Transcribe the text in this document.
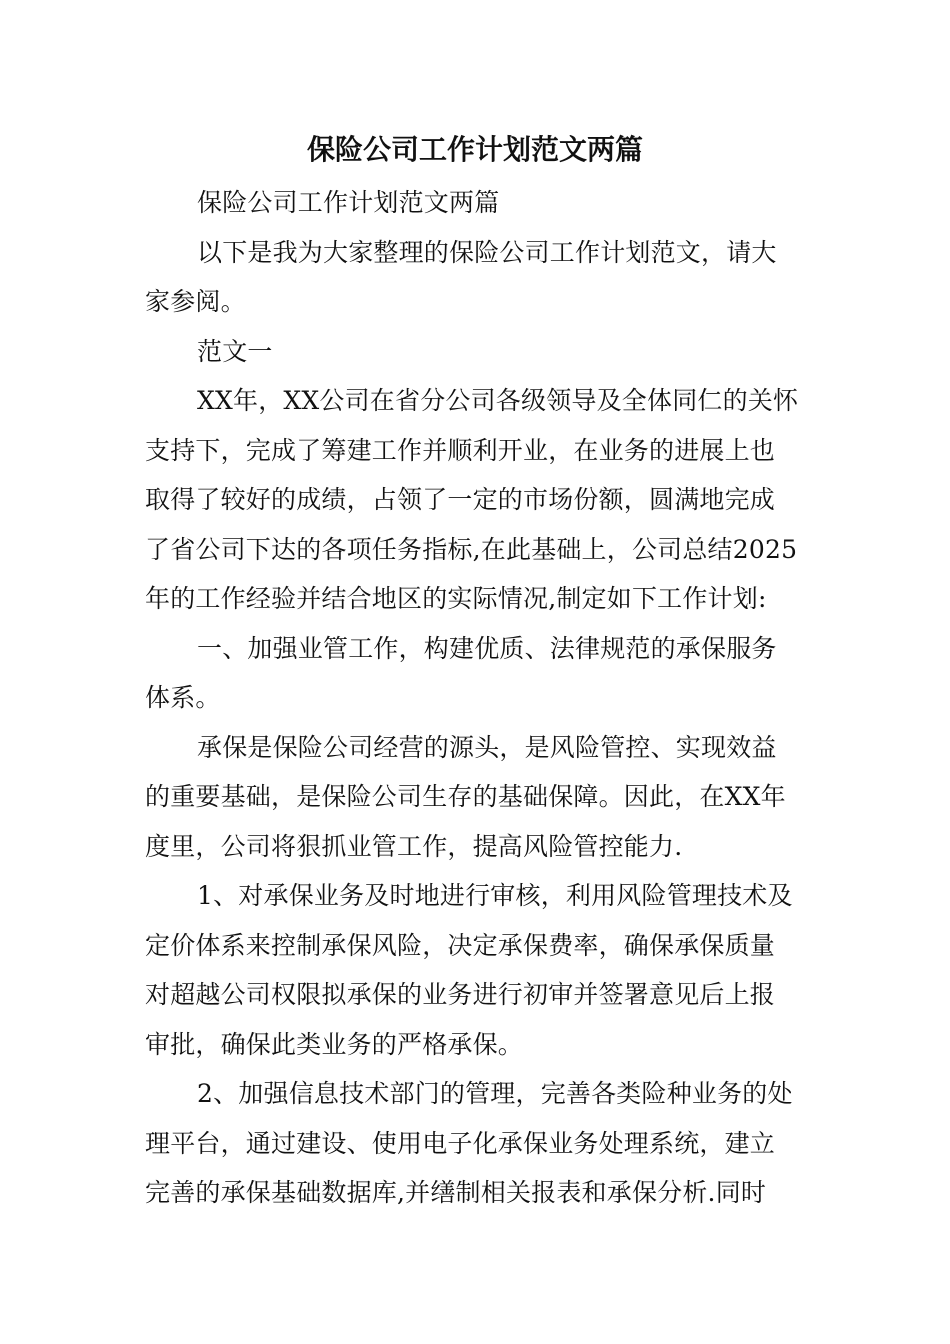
保险公司工作计划范文两篇
保险公司工作计划范文两篇
以下是我为大家整理的保险公司工作计划范文，请大
家参阅。
范文一
XX年，XX公司在省分公司各级领导及全体同仁的关怀
支持下，完成了筹建工作并顺利开业，在业务的进展上也
取得了较好的成绩，占领了一定的市场份额，圆满地完成
了省公司下达的各项任务指标,在此基础上，公司总结2025
年的工作经验并结合地区的实际情况,制定如下工作计划:
一、加强业管工作，构建优质、法律规范的承保服务
体系。
承保是保险公司经营的源头，是风险管控、实现效益
的重要基础，是保险公司生存的基础保障。因此，在XX年
度里，公司将狠抓业管工作，提高风险管控能力.
1、对承保业务及时地进行审核，利用风险管理技术及
定价体系来控制承保风险，决定承保费率，确保承保质量
对超越公司权限拟承保的业务进行初审并签署意见后上报
审批，确保此类业务的严格承保。
2、加强信息技术部门的管理，完善各类险种业务的处
理平台，通过建设、使用电子化承保业务处理系统，建立
完善的承保基础数据库,并缮制相关报表和承保分析.同时
